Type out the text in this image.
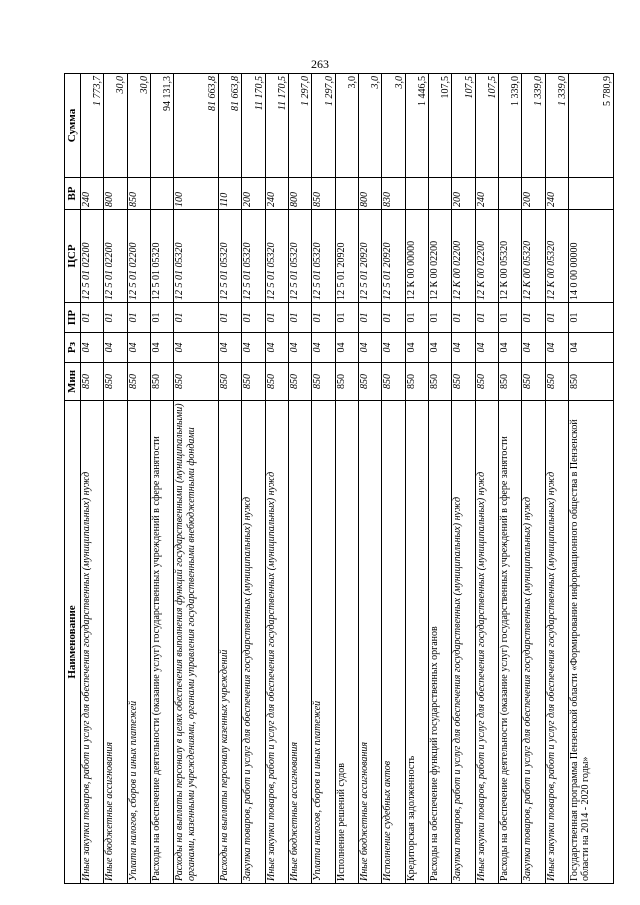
263
Наименование	Мин	Рз	ПР	ЦСР	ВР	Сумма
Иные закупки товаров, работ и услуг для обеспечения государственных (муниципальных) нужд	850	04	01	12 5 01 02200	240	1 773,7
Иные бюджетные ассигнования	850	04	01	12 5 01 02200	800	30,0
Уплата налогов, сборов и иных платежей	850	04	01	12 5 01 02200	850	30,0
Расходы на обеспечение деятельности (оказание услуг) государственных учреждений в сфере занятости	850	04	01	12 5 01 05320		94 131,3
Расходы на выплаты персоналу в целях обеспечения выполнения функций государственными (муниципальными) органами, казенными учреждениями, органами управления государственными внебюджетными фондами	850	04	01	12 5 01 05320	100	81 663,8
Расходы на выплаты персоналу казенных учреждений	850	04	01	12 5 01 05320	110	81 663,8
Закупка товаров, работ и услуг для обеспечения государственных (муниципальных) нужд	850	04	01	12 5 01 05320	200	11 170,5
Иные закупки товаров, работ и услуг для обеспечения государственных (муниципальных) нужд	850	04	01	12 5 01 05320	240	11 170,5
Иные бюджетные ассигнования	850	04	01	12 5 01 05320	800	1 297,0
Уплата налогов, сборов и иных платежей	850	04	01	12 5 01 05320	850	1 297,0
Исполнение решений судов	850	04	01	12 5 01 20920		3,0
Иные бюджетные ассигнования	850	04	01	12 5 01 20920	800	3,0
Исполнение судебных актов	850	04	01	12 5 01 20920	830	3,0
Кредиторская задолженность	850	04	01	12 К 00 00000		1 446,5
Расходы на обеспечение функций государственных органов	850	04	01	12 К 00 02200		107,5
Закупка товаров, работ и услуг для обеспечения государственных (муниципальных) нужд	850	04	01	12 К 00 02200	200	107,5
Иные закупки товаров, работ и услуг для обеспечения государственных (муниципальных) нужд	850	04	01	12 К 00 02200	240	107,5
Расходы на обеспечение деятельности (оказание услуг) государственных учреждений в сфере занятости	850	04	01	12 К 00 05320		1 339,0
Закупка товаров, работ и услуг для обеспечения государственных (муниципальных) нужд	850	04	01	12 К 00 05320	200	1 339,0
Иные закупки товаров, работ и услуг для обеспечения государственных (муниципальных) нужд	850	04	01	12 К 00 05320	240	1 339,0
Государственная программа Пензенской области «Формирование информационного общества в Пензенской области на 2014 - 2020 годы»	850	04	01	14 0 00 00000		5 780,9
